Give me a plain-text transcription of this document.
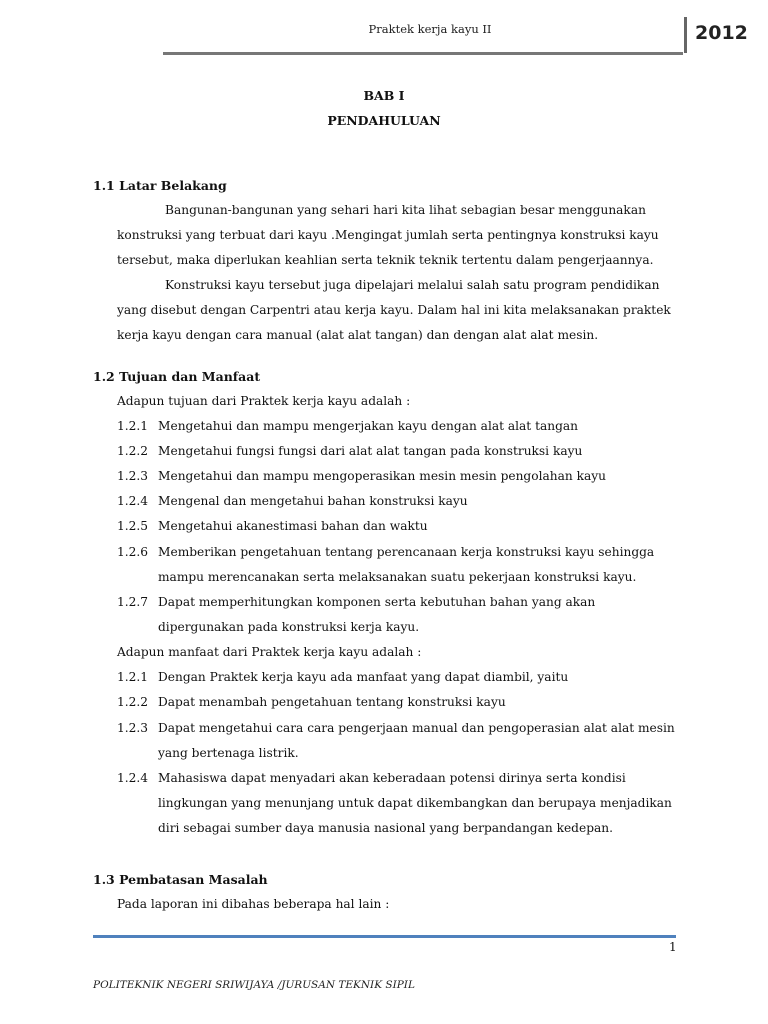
Praktek kerja kayu II	2012
BAB I
PENDAHULUAN
1.1 Latar Belakang
Bangunan-bangunan yang sehari hari kita lihat sebagian besar menggunakan
konstruksi yang terbuat dari kayu .Mengingat jumlah serta pentingnya konstruksi kayu
tersebut, maka diperlukan keahlian serta teknik teknik tertentu dalam pengerjaannya.
Konstruksi kayu tersebut juga dipelajari melalui salah satu program pendidikan
yang disebut dengan Carpentri atau kerja kayu. Dalam hal ini kita melaksanakan praktek
kerja kayu dengan cara manual (alat alat tangan) dan dengan alat alat mesin.
1.2 Tujuan dan Manfaat
Adapun tujuan dari Praktek kerja kayu adalah :
1.2.1 Mengetahui dan mampu mengerjakan kayu dengan alat alat tangan
1.2.2 Mengetahui fungsi fungsi dari alat alat tangan pada konstruksi kayu
1.2.3 Mengetahui dan mampu mengoperasikan mesin mesin pengolahan kayu
1.2.4 Mengenal dan mengetahui bahan konstruksi kayu
1.2.5 Mengetahui akanestimasi bahan dan waktu
1.2.6 Memberikan pengetahuan tentang perencanaan kerja konstruksi kayu sehingga
mampu merencanakan serta melaksanakan suatu pekerjaan konstruksi kayu.
1.2.7 Dapat memperhitungkan komponen serta kebutuhan bahan yang akan
dipergunakan pada konstruksi kerja kayu.
Adapun manfaat dari Praktek kerja kayu adalah :
1.2.1 Dengan Praktek kerja kayu ada manfaat yang dapat diambil, yaitu
1.2.2 Dapat menambah pengetahuan tentang konstruksi kayu
1.2.3 Dapat mengetahui cara cara pengerjaan manual dan pengoperasian alat alat mesin
yang bertenaga listrik.
1.2.4 Mahasiswa dapat menyadari akan keberadaan potensi dirinya serta kondisi
lingkungan yang menunjang untuk dapat dikembangkan dan berupaya menjadikan
diri sebagai sumber daya manusia nasional yang berpandangan kedepan.
1.3 Pembatasan Masalah
Pada laporan ini dibahas beberapa hal lain :
1
POLITEKNIK NEGERI SRIWIJAYA /JURUSAN TEKNIK SIPIL
